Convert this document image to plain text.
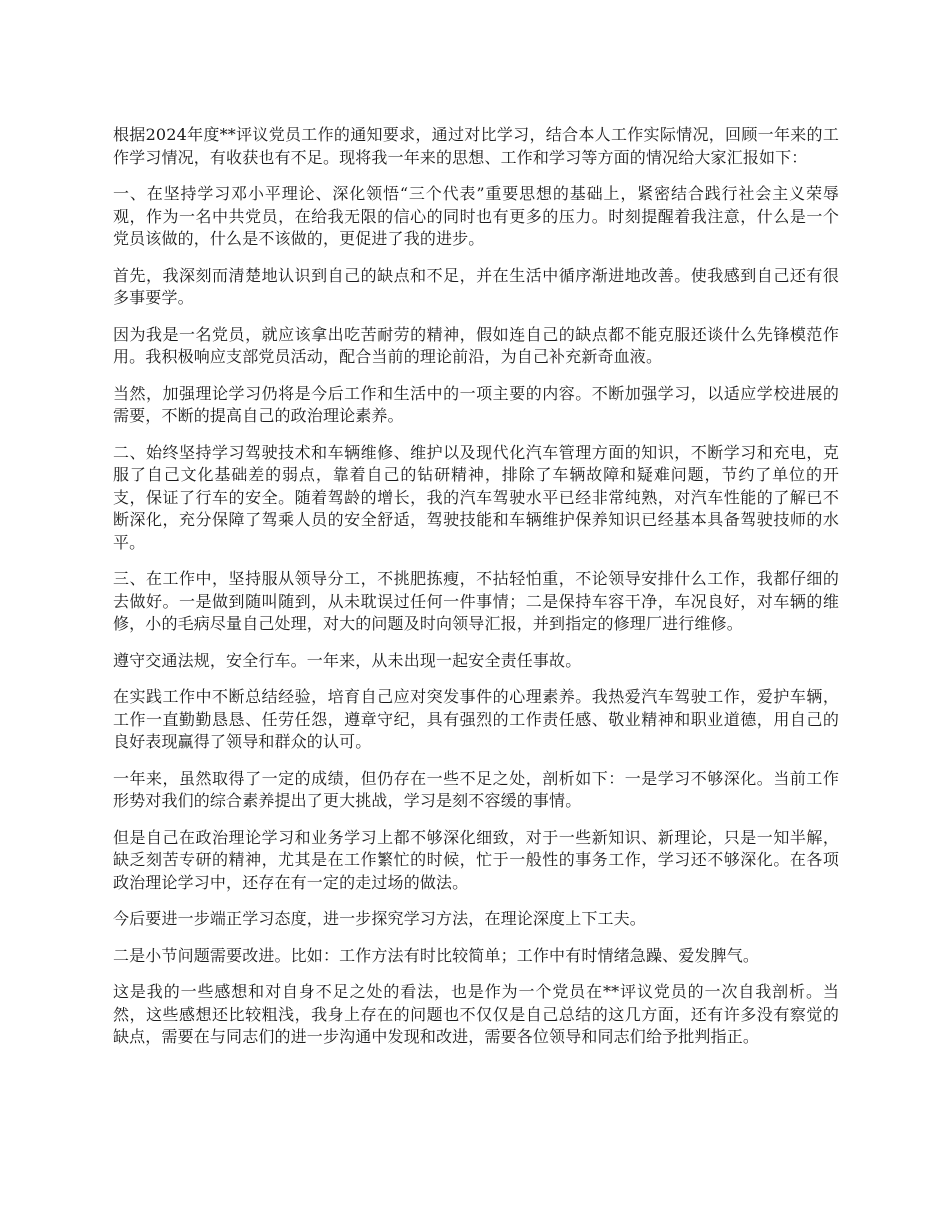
根据2024年度**评议党员工作的通知要求，通过对比学习，结合本人工作实际情况，回顾一年来的工作学习情况，有收获也有不足。现将我一年来的思想、工作和学习等方面的情况给大家汇报如下：

一、在坚持学习邓小平理论、深化领悟“三个代表”重要思想的基础上，紧密结合践行社会主义荣辱观，作为一名中共党员，在给我无限的信心的同时也有更多的压力。时刻提醒着我注意，什么是一个党员该做的，什么是不该做的，更促进了我的进步。

首先，我深刻而清楚地认识到自己的缺点和不足，并在生活中循序渐进地改善。使我感到自己还有很多事要学。

因为我是一名党员，就应该拿出吃苦耐劳的精神，假如连自己的缺点都不能克服还谈什么先锋模范作用。我积极响应支部党员活动，配合当前的理论前沿，为自己补充新奇血液。

当然，加强理论学习仍将是今后工作和生活中的一项主要的内容。不断加强学习，以适应学校进展的需要，不断的提高自己的政治理论素养。

二、始终坚持学习驾驶技术和车辆维修、维护以及现代化汽车管理方面的知识，不断学习和充电，克服了自己文化基础差的弱点，靠着自己的钻研精神，排除了车辆故障和疑难问题，节约了单位的开支，保证了行车的安全。随着驾龄的增长，我的汽车驾驶水平已经非常纯熟，对汽车性能的了解已不断深化，充分保障了驾乘人员的安全舒适，驾驶技能和车辆维护保养知识已经基本具备驾驶技师的水平。

三、在工作中，坚持服从领导分工，不挑肥拣瘦，不拈轻怕重，不论领导安排什么工作，我都仔细的去做好。一是做到随叫随到，从未耽误过任何一件事情；二是保持车容干净，车况良好，对车辆的维修，小的毛病尽量自己处理，对大的问题及时向领导汇报，并到指定的修理厂进行维修。

遵守交通法规，安全行车。一年来，从未出现一起安全责任事故。

在实践工作中不断总结经验，培育自己应对突发事件的心理素养。我热爱汽车驾驶工作，爱护车辆，工作一直勤勤恳恳、任劳任怨，遵章守纪，具有强烈的工作责任感、敬业精神和职业道德，用自己的良好表现赢得了领导和群众的认可。

一年来，虽然取得了一定的成绩，但仍存在一些不足之处，剖析如下：一是学习不够深化。当前工作形势对我们的综合素养提出了更大挑战，学习是刻不容缓的事情。

但是自己在政治理论学习和业务学习上都不够深化细致，对于一些新知识、新理论，只是一知半解，缺乏刻苦专研的精神，尤其是在工作繁忙的时候，忙于一般性的事务工作，学习还不够深化。在各项政治理论学习中，还存在有一定的走过场的做法。

今后要进一步端正学习态度，进一步探究学习方法，在理论深度上下工夫。

二是小节问题需要改进。比如：工作方法有时比较简单；工作中有时情绪急躁、爱发脾气。

这是我的一些感想和对自身不足之处的看法，也是作为一个党员在**评议党员的一次自我剖析。当然，这些感想还比较粗浅，我身上存在的问题也不仅仅是自己总结的这几方面，还有许多没有察觉的缺点，需要在与同志们的进一步沟通中发现和改进，需要各位领导和同志们给予批判指正。
